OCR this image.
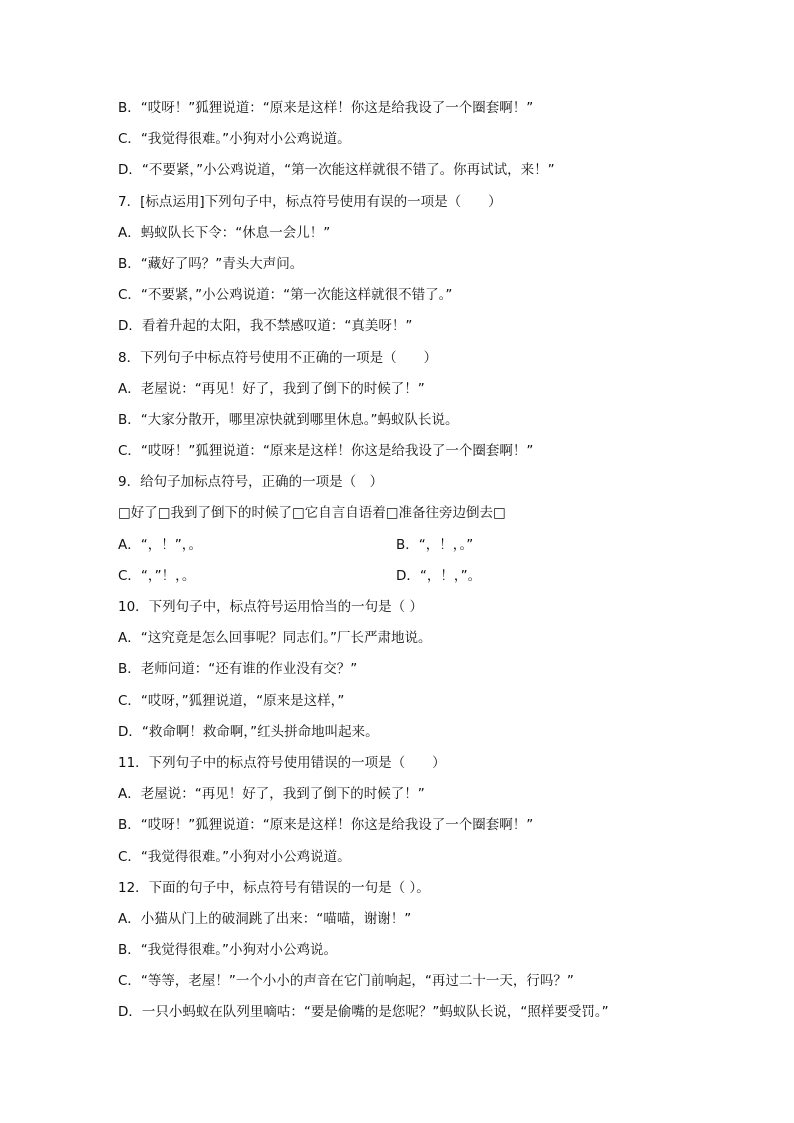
B．“哎呀！”狐狸说道：“原来是这样！你这是给我设了一个圈套啊！”
C．“我觉得很难。”小狗对小公鸡说道。
D．“不要紧，”小公鸡说道，“第一次能这样就很不错了。你再试试，来！”
7．[标点运用]下列句子中，标点符号使用有误的一项是（　　）
A．蚂蚁队长下令：“休息一会儿！”
B．“藏好了吗？”青头大声问。
C．“不要紧，”小公鸡说道：“第一次能这样就很不错了。”
D．看着升起的太阳，我不禁感叹道：“真美呀！”
8．下列句子中标点符号使用不正确的一项是（　　）
A．老屋说：“再见！好了，我到了倒下的时候了！”
B．“大家分散开，哪里凉快就到哪里休息。”蚂蚁队长说。
C．“哎呀！”狐狸说道：“原来是这样！你这是给我设了一个圈套啊！”
9．给句子加标点符号，正确的一项是（　）
□好了□我到了倒下的时候了□它自言自语着□准备往旁边倒去□
A．“，！”，。	B．“，！，。”
C．“，”！，。	D．“，！，”。
10．下列句子中，标点符号运用恰当的一句是（ ）
A．“这究竟是怎么回事呢？同志们。”厂长严肃地说。
B．老师问道：“还有谁的作业没有交？”
C．“哎呀，”狐狸说道，“原来是这样，”
D．“救命啊！救命啊，”红头拼命地叫起来。
11．下列句子中的标点符号使用错误的一项是（　　）
A．老屋说：“再见！好了，我到了倒下的时候了！”
B．“哎呀！”狐狸说道：“原来是这样！你这是给我设了一个圈套啊！”
C．“我觉得很难。”小狗对小公鸡说道。
12．下面的句子中，标点符号有错误的一句是（ ）。
A．小猫从门上的破洞跳了出来：“喵喵，谢谢！”
B．“我觉得很难。”小狗对小公鸡说。
C．“等等，老屋！”一个小小的声音在它门前响起，“再过二十一天，行吗？”
D．一只小蚂蚁在队列里嘀咕：“要是偷嘴的是您呢？”蚂蚁队长说，“照样要受罚。”
